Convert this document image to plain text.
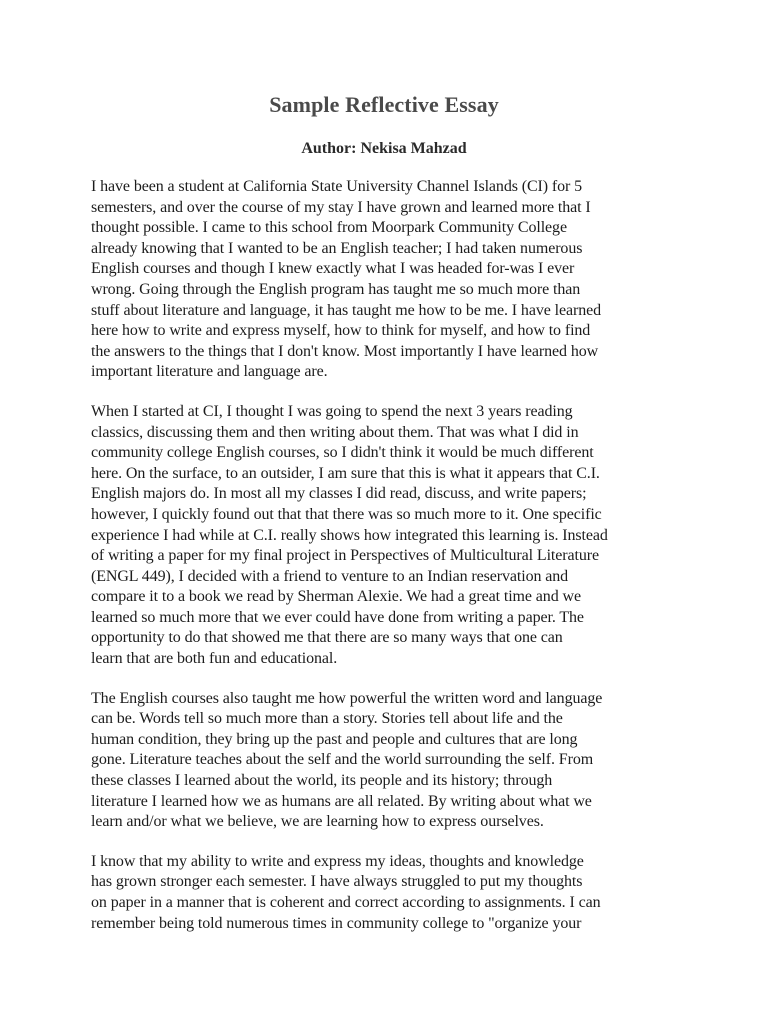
Sample Reflective Essay
Author: Nekisa Mahzad
I have been a student at California State University Channel Islands (CI) for 5
semesters, and over the course of my stay I have grown and learned more that I
thought possible. I came to this school from Moorpark Community College
already knowing that I wanted to be an English teacher; I had taken numerous
English courses and though I knew exactly what I was headed for-was I ever
wrong. Going through the English program has taught me so much more than
stuff about literature and language, it has taught me how to be me. I have learned
here how to write and express myself, how to think for myself, and how to find
the answers to the things that I don't know. Most importantly I have learned how
important literature and language are.
When I started at CI, I thought I was going to spend the next 3 years reading
classics, discussing them and then writing about them. That was what I did in
community college English courses, so I didn't think it would be much different
here. On the surface, to an outsider, I am sure that this is what it appears that C.I.
English majors do. In most all my classes I did read, discuss, and write papers;
however, I quickly found out that that there was so much more to it. One specific
experience I had while at C.I. really shows how integrated this learning is. Instead
of writing a paper for my final project in Perspectives of Multicultural Literature
(ENGL 449), I decided with a friend to venture to an Indian reservation and
compare it to a book we read by Sherman Alexie. We had a great time and we
learned so much more that we ever could have done from writing a paper. The
opportunity to do that showed me that there are so many ways that one can
learn that are both fun and educational.
The English courses also taught me how powerful the written word and language
can be. Words tell so much more than a story. Stories tell about life and the
human condition, they bring up the past and people and cultures that are long
gone. Literature teaches about the self and the world surrounding the self. From
these classes I learned about the world, its people and its history; through
literature I learned how we as humans are all related. By writing about what we
learn and/or what we believe, we are learning how to express ourselves.
I know that my ability to write and express my ideas, thoughts and knowledge
has grown stronger each semester. I have always struggled to put my thoughts
on paper in a manner that is coherent and correct according to assignments. I can
remember being told numerous times in community college to "organize your
